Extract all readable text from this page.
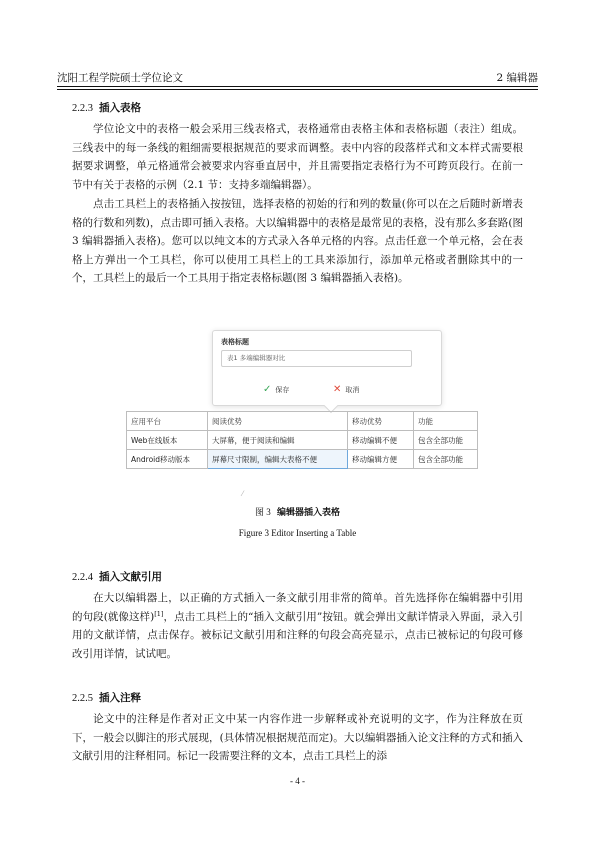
沈阳工程学院硕士学位论文	2 编辑器
2.2.3 插入表格

学位论文中的表格一般会采用三线表格式，表格通常由表格主体和表格标题（表注）组成。三线表中的每一条线的粗细需要根据规范的要求而调整。表中内容的段落样式和文本样式需要根据要求调整，单元格通常会被要求内容垂直居中，并且需要指定表格行为不可跨页段行。在前一节中有关于表格的示例（2.1 节：支持多端编辑器）。

点击工具栏上的表格插入按按钮，选择表格的初始的行和列的数量(你可以在之后随时新增表格的行数和列数)，点击即可插入表格。大以编辑器中的表格是最常见的表格，没有那么多套路(图 3 编辑器插入表格)。您可以以纯文本的方式录入各单元格的内容。点击任意一个单元格，会在表格上方弹出一个工具栏，你可以使用工具栏上的工具来添加行，添加单元格或者删除其中的一个，工具栏上的最后一个工具用于指定表格标题(图 3 编辑器插入表格)。

表格标题
表1 多端编辑器对比
✓ 保存	✕ 取消
应用平台	阅读优势	移动优势	功能
Web在线版本	大屏幕，便于阅读和编辑	移动编辑不便	包含全部功能
Android移动版本	屏幕尺寸限制，编辑大表格不便	移动编辑方便	包含全部功能
⁄
图 3 编辑器插入表格
Figure 3 Editor Inserting a Table
2.2.4 插入文献引用

在大以编辑器上，以正确的方式插入一条文献引用非常的简单。首先选择你在编辑器中引用的句段(就像这样)[1]，点击工具栏上的“插入文献引用”按钮。就会弹出文献详情录入界面，录入引用的文献详情，点击保存。被标记文献引用和注释的句段会高亮显示，点击已被标记的句段可修改引用详情，试试吧。

2.2.5 插入注释

论文中的注释是作者对正文中某一内容作进一步解释或补充说明的文字，作为注释放在页下，一般会以脚注的形式展现，(具体情况根据规范而定)。大以编辑器插入论文注释的方式和插入文献引用的注释相同。标记一段需要注释的文本，点击工具栏上的添

- 4 -
